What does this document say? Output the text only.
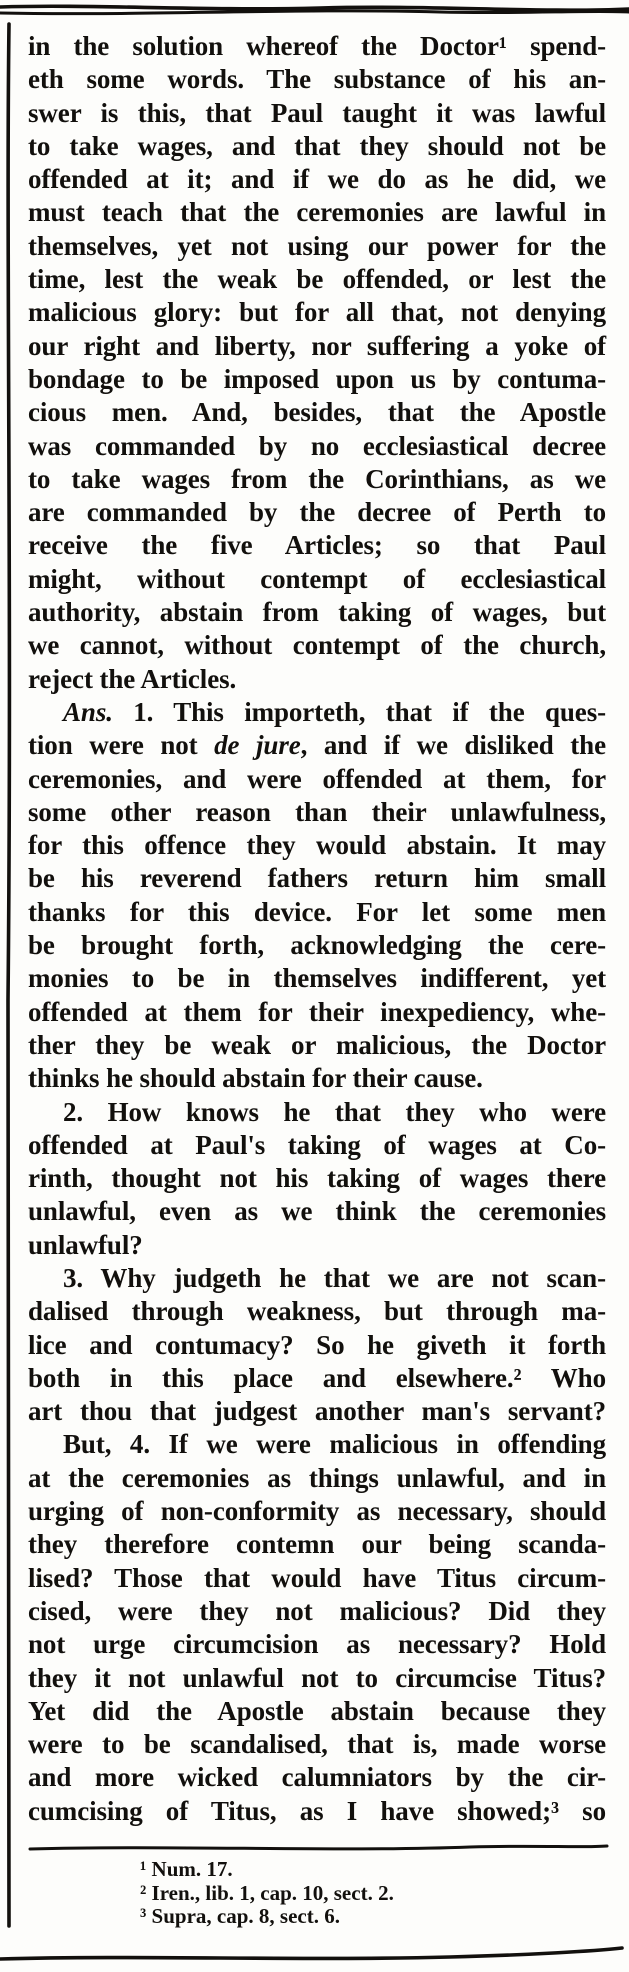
in the solution whereof the Doctor¹ spend-
eth some words. The substance of his an-
swer is this, that Paul taught it was lawful
to take wages, and that they should not be
offended at it; and if we do as he did, we
must teach that the ceremonies are lawful in
themselves, yet not using our power for the
time, lest the weak be offended, or lest the
malicious glory: but for all that, not denying
our right and liberty, nor suffering a yoke of
bondage to be imposed upon us by contuma-
cious men. And, besides, that the Apostle
was commanded by no ecclesiastical decree
to take wages from the Corinthians, as we
are commanded by the decree of Perth to
receive the five Articles; so that Paul
might, without contempt of ecclesiastical
authority, abstain from taking of wages, but
we cannot, without contempt of the church,
reject the Articles.
Ans. 1. This importeth, that if the ques-
tion were not de jure, and if we disliked the
ceremonies, and were offended at them, for
some other reason than their unlawfulness,
for this offence they would abstain. It may
be his reverend fathers return him small
thanks for this device. For let some men
be brought forth, acknowledging the cere-
monies to be in themselves indifferent, yet
offended at them for their inexpediency, whe-
ther they be weak or malicious, the Doctor
thinks he should abstain for their cause.
2. How knows he that they who were
offended at Paul's taking of wages at Co-
rinth, thought not his taking of wages there
unlawful, even as we think the ceremonies
unlawful?
3. Why judgeth he that we are not scan-
dalised through weakness, but through ma-
lice and contumacy? So he giveth it forth
both in this place and elsewhere.² Who
art thou that judgest another man's servant?
But, 4. If we were malicious in offending
at the ceremonies as things unlawful, and in
urging of non-conformity as necessary, should
they therefore contemn our being scanda-
lised? Those that would have Titus circum-
cised, were they not malicious? Did they
not urge circumcision as necessary? Hold
they it not unlawful not to circumcise Titus?
Yet did the Apostle abstain because they
were to be scandalised, that is, made worse
and more wicked calumniators by the cir-
cumcising of Titus, as I have showed;³ so
¹ Num. 17.
² Iren., lib. 1, cap. 10, sect. 2.
³ Supra, cap. 8, sect. 6.
